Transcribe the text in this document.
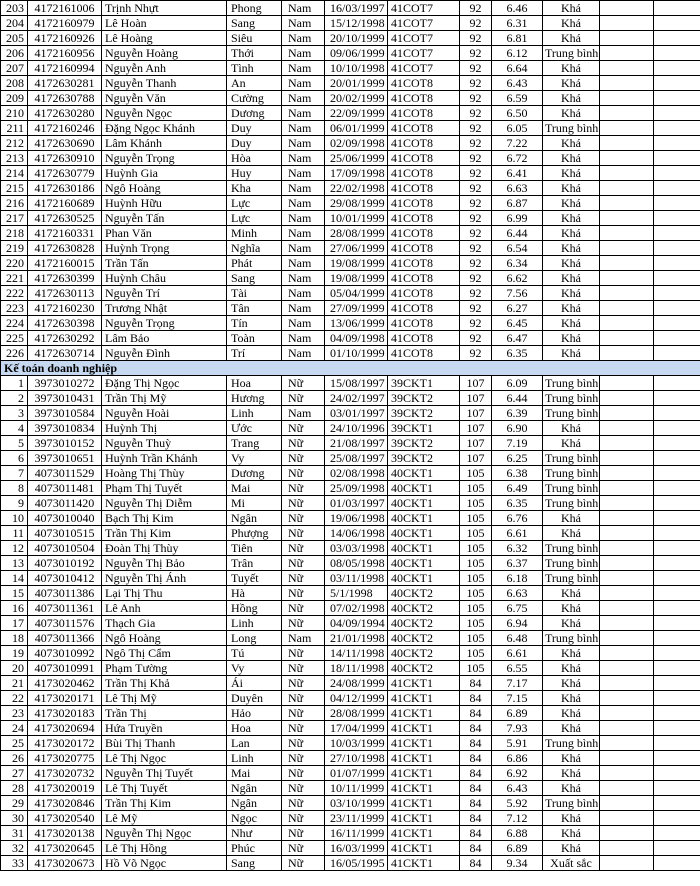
203	4172161006	Trịnh Nhựt	Phong	Nam	16/03/1997	41COT7	92	6.46	Khá		
204	4172160979	Lê Hoàn	Sang	Nam	15/12/1998	41COT7	92	6.31	Khá		
205	4172160926	Lê Hoàng	Siêu	Nam	20/10/1999	41COT7	92	6.81	Khá		
206	4172160956	Nguyễn Hoàng	Thới	Nam	09/06/1999	41COT7	92	6.12	Trung bình		
207	4172160994	Nguyễn Anh	Tình	Nam	10/10/1998	41COT7	92	6.64	Khá		
208	4172630281	Nguyễn Thanh	An	Nam	20/01/1999	41COT8	92	6.43	Khá		
209	4172630788	Nguyễn Văn	Cường	Nam	20/02/1999	41COT8	92	6.59	Khá		
210	4172630280	Nguyễn Ngọc	Dương	Nam	22/09/1999	41COT8	92	6.50	Khá		
211	4172160246	Đặng Ngọc Khánh	Duy	Nam	06/01/1999	41COT8	92	6.05	Trung bình		
212	4172630690	Lâm Khánh	Duy	Nam	02/09/1998	41COT8	92	7.22	Khá		
213	4172630910	Nguyễn Trọng	Hòa	Nam	25/06/1999	41COT8	92	6.72	Khá		
214	4172630779	Huỳnh Gia	Huy	Nam	17/09/1998	41COT8	92	6.41	Khá		
215	4172630186	Ngô Hoàng	Kha	Nam	22/02/1998	41COT8	92	6.63	Khá		
216	4172160689	Huỳnh Hữu	Lực	Nam	29/08/1999	41COT8	92	6.87	Khá		
217	4172630525	Nguyễn Tấn	Lực	Nam	10/01/1999	41COT8	92	6.99	Khá		
218	4172160331	Phan Văn	Minh	Nam	28/08/1999	41COT8	92	6.44	Khá		
219	4172630828	Huỳnh Trọng	Nghĩa	Nam	27/06/1999	41COT8	92	6.54	Khá		
220	4172160015	Trần Tấn	Phát	Nam	19/08/1999	41COT8	92	6.34	Khá		
221	4172630399	Huỳnh Châu	Sang	Nam	19/08/1999	41COT8	92	6.62	Khá		
222	4172630113	Nguyễn Trí	Tài	Nam	05/04/1999	41COT8	92	7.56	Khá		
223	4172160230	Trương Nhật	Tân	Nam	27/09/1999	41COT8	92	6.27	Khá		
224	4172630398	Nguyễn Trọng	Tín	Nam	13/06/1999	41COT8	92	6.45	Khá		
225	4172630292	Lâm Bảo	Toàn	Nam	04/09/1998	41COT8	92	6.47	Khá		
226	4172630714	Nguyễn Đình	Trí	Nam	01/10/1999	41COT8	92	6.35	Khá		
Kế toán doanh nghiệp											
1	3973010272	Đặng Thị Ngọc	Hoa	Nữ	15/08/1997	39CKT1	107	6.09	Trung bình		
2	3973010431	Trần Thị Mỹ	Hương	Nữ	24/02/1997	39CKT2	107	6.44	Trung bình		
3	3973010584	Nguyễn Hoài	Linh	Nam	03/01/1997	39CKT2	107	6.39	Trung bình		
4	3973010834	Huỳnh Thị	Ước	Nữ	24/10/1996	39CKT1	107	6.90	Khá		
5	3973010152	Nguyễn Thuỳ	Trang	Nữ	21/08/1997	39CKT2	107	7.19	Khá		
6	3973010651	Huỳnh Trần Khánh	Vy	Nữ	25/08/1997	39CKT2	107	6.25	Trung bình		
7	4073011529	Hoàng Thị Thùy	Dương	Nữ	02/08/1998	40CKT1	105	6.38	Trung bình		
8	4073011481	Phạm Thị Tuyết	Mai	Nữ	25/09/1998	40CKT1	105	6.49	Trung bình		
9	4073011420	Nguyễn Thị Diễm	Mi	Nữ	01/03/1997	40CKT1	105	6.35	Trung bình		
10	4073010040	Bạch Thị Kim	Ngân	Nữ	19/06/1998	40CKT1	105	6.76	Khá		
11	4073010515	Trần Thị Kim	Phượng	Nữ	14/06/1998	40CKT1	105	6.61	Khá		
12	4073010504	Đoàn Thị Thùy	Tiên	Nữ	03/03/1998	40CKT1	105	6.32	Trung bình		
13	4073010192	Nguyễn Thị Bảo	Trân	Nữ	08/05/1998	40CKT1	105	6.37	Trung bình		
14	4073010412	Nguyễn Thị Ánh	Tuyết	Nữ	03/11/1998	40CKT1	105	6.18	Trung bình		
15	4073011386	Lại Thị Thu	Hà	Nữ	5/1/1998	40CKT2	105	6.63	Khá		
16	4073011361	Lê Anh	Hồng	Nữ	07/02/1998	40CKT2	105	6.75	Khá		
17	4073011576	Thạch Gia	Linh	Nữ	04/09/1994	40CKT2	105	6.94	Khá		
18	4073011366	Ngô Hoàng	Long	Nam	21/01/1998	40CKT2	105	6.48	Trung bình		
19	4073010992	Ngô Thị Cẩm	Tú	Nữ	14/11/1998	40CKT2	105	6.61	Khá		
20	4073010991	Phạm Tường	Vy	Nữ	18/11/1998	40CKT2	105	6.55	Khá		
21	4173020462	Trần Thị Khả	Ái	Nữ	24/08/1999	41CKT1	84	7.17	Khá		
22	4173020171	Lê Thị Mỹ	Duyên	Nữ	04/12/1999	41CKT1	84	7.15	Khá		
23	4173020183	Trần Thị	Hảo	Nữ	28/08/1999	41CKT1	84	6.89	Khá		
24	4173020694	Hứa Truyền	Hoa	Nữ	17/04/1999	41CKT1	84	7.93	Khá		
25	4173020172	Bùi Thị Thanh	Lan	Nữ	10/03/1999	41CKT1	84	5.91	Trung bình		
26	4173020775	Lê Thị Ngọc	Linh	Nữ	27/10/1998	41CKT1	84	6.86	Khá		
27	4173020732	Nguyễn Thị Tuyết	Mai	Nữ	01/07/1999	41CKT1	84	6.92	Khá		
28	4173020019	Lê Thị Tuyết	Ngân	Nữ	10/11/1999	41CKT1	84	6.43	Khá		
29	4173020846	Trần Thị Kim	Ngân	Nữ	03/10/1999	41CKT1	84	5.92	Trung bình		
30	4173020540	Lê Mỹ	Ngọc	Nữ	23/11/1999	41CKT1	84	7.12	Khá		
31	4173020138	Nguyễn Thị Ngọc	Như	Nữ	16/11/1999	41CKT1	84	6.88	Khá		
32	4173020645	Lê Thị Hồng	Phúc	Nữ	16/03/1999	41CKT1	84	6.89	Khá		
33	4173020673	Hồ Võ Ngọc	Sang	Nữ	16/05/1995	41CKT1	84	9.34	Xuất sắc		
